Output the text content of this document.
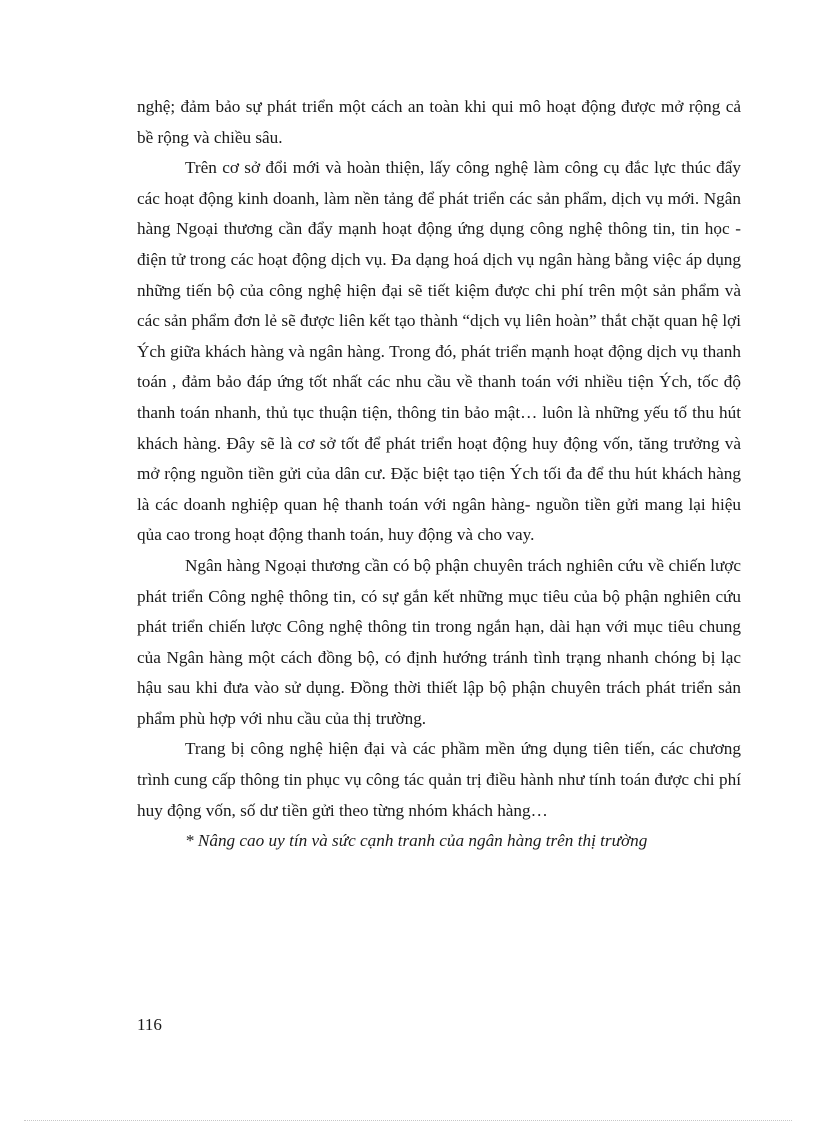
nghệ; đảm bảo sự phát triển một cách an toàn khi qui mô hoạt động được mở rộng cả bề rộng và chiều sâu.

Trên cơ sở đổi mới và hoàn thiện, lấy công nghệ làm công cụ đắc lực thúc đẩy các hoạt động kinh doanh, làm nền tảng để phát triển các sản phẩm, dịch vụ mới. Ngân hàng Ngoại thương cần đẩy mạnh hoạt động ứng dụng công nghệ thông tin, tin học - điện tử trong các hoạt động dịch vụ. Đa dạng hoá dịch vụ ngân hàng bằng việc áp dụng những tiến bộ của công nghệ hiện đại sẽ tiết kiệm được chi phí trên một sản phẩm và các sản phẩm đơn lẻ sẽ được liên kết tạo thành “dịch vụ liên hoàn” thắt chặt quan hệ lợi Ých giữa khách hàng và ngân hàng. Trong đó, phát triển mạnh hoạt động dịch vụ thanh toán , đảm bảo đáp ứng tốt nhất các nhu cầu về thanh toán với nhiều tiện Ých, tốc độ thanh toán nhanh, thủ tục thuận tiện, thông tin bảo mật… luôn là những yếu tố thu hút khách hàng. Đây sẽ là cơ sở tốt để phát triển hoạt động huy động vốn, tăng trưởng và mở rộng nguồn tiền gửi của dân cư. Đặc biệt tạo tiện Ých tối đa để thu hút khách hàng là các doanh nghiệp quan hệ thanh toán với ngân hàng- nguồn tiền gửi mang lại hiệu qủa cao trong hoạt động thanh toán, huy động và cho vay.

Ngân hàng Ngoại thương cần có bộ phận chuyên trách nghiên cứu về chiến lược phát triển Công nghệ thông tin, có sự gắn kết những mục tiêu của bộ phận nghiên cứu phát triển chiến lược Công nghệ thông tin trong ngắn hạn, dài hạn với mục tiêu chung của Ngân hàng một cách đồng bộ, có định hướng tránh tình trạng nhanh chóng bị lạc hậu sau khi đưa vào sử dụng. Đồng thời thiết lập bộ phận chuyên trách phát triển sản phẩm phù hợp với nhu cầu của thị trường.

Trang bị công nghệ hiện đại và các phầm mền ứng dụng tiên tiến, các chương trình cung cấp thông tin phục vụ công tác quản trị điều hành như tính toán được chi phí huy động vốn, số dư tiền gửi theo từng nhóm khách hàng…

* Nâng cao uy tín và sức cạnh tranh của ngân hàng trên thị trường

116
